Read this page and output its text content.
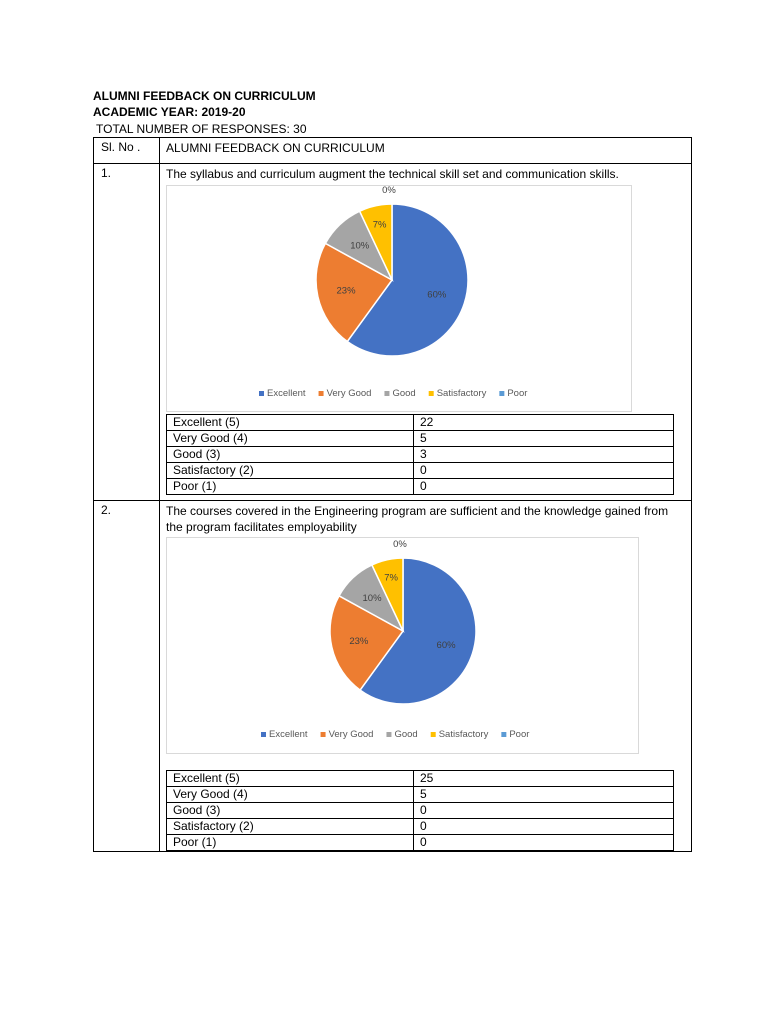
ALUMNI FEEDBACK ON CURRICULUM
ACADEMIC YEAR: 2019-20
TOTAL NUMBER OF RESPONSES: 30
Sl. No .	ALUMNI FEEDBACK ON CURRICULUM

1.	The syllabus and curriculum augment the technical skill set and communication skills.
60%
23%
10%
7%
0%
Excellent Very Good Good Satisfactory Poor
Excellent (5)	22
Very Good (4)	5
Good (3)	3
Satisfactory (2)	0
Poor (1)	0

2.	The courses covered in the Engineering program are sufficient and the knowledge gained from the program facilitates employability
60%
23%
10%
7%
0%
Excellent Very Good Good Satisfactory Poor
Excellent (5)	25
Very Good (4)	5
Good (3)	0
Satisfactory (2)	0
Poor (1)	0
